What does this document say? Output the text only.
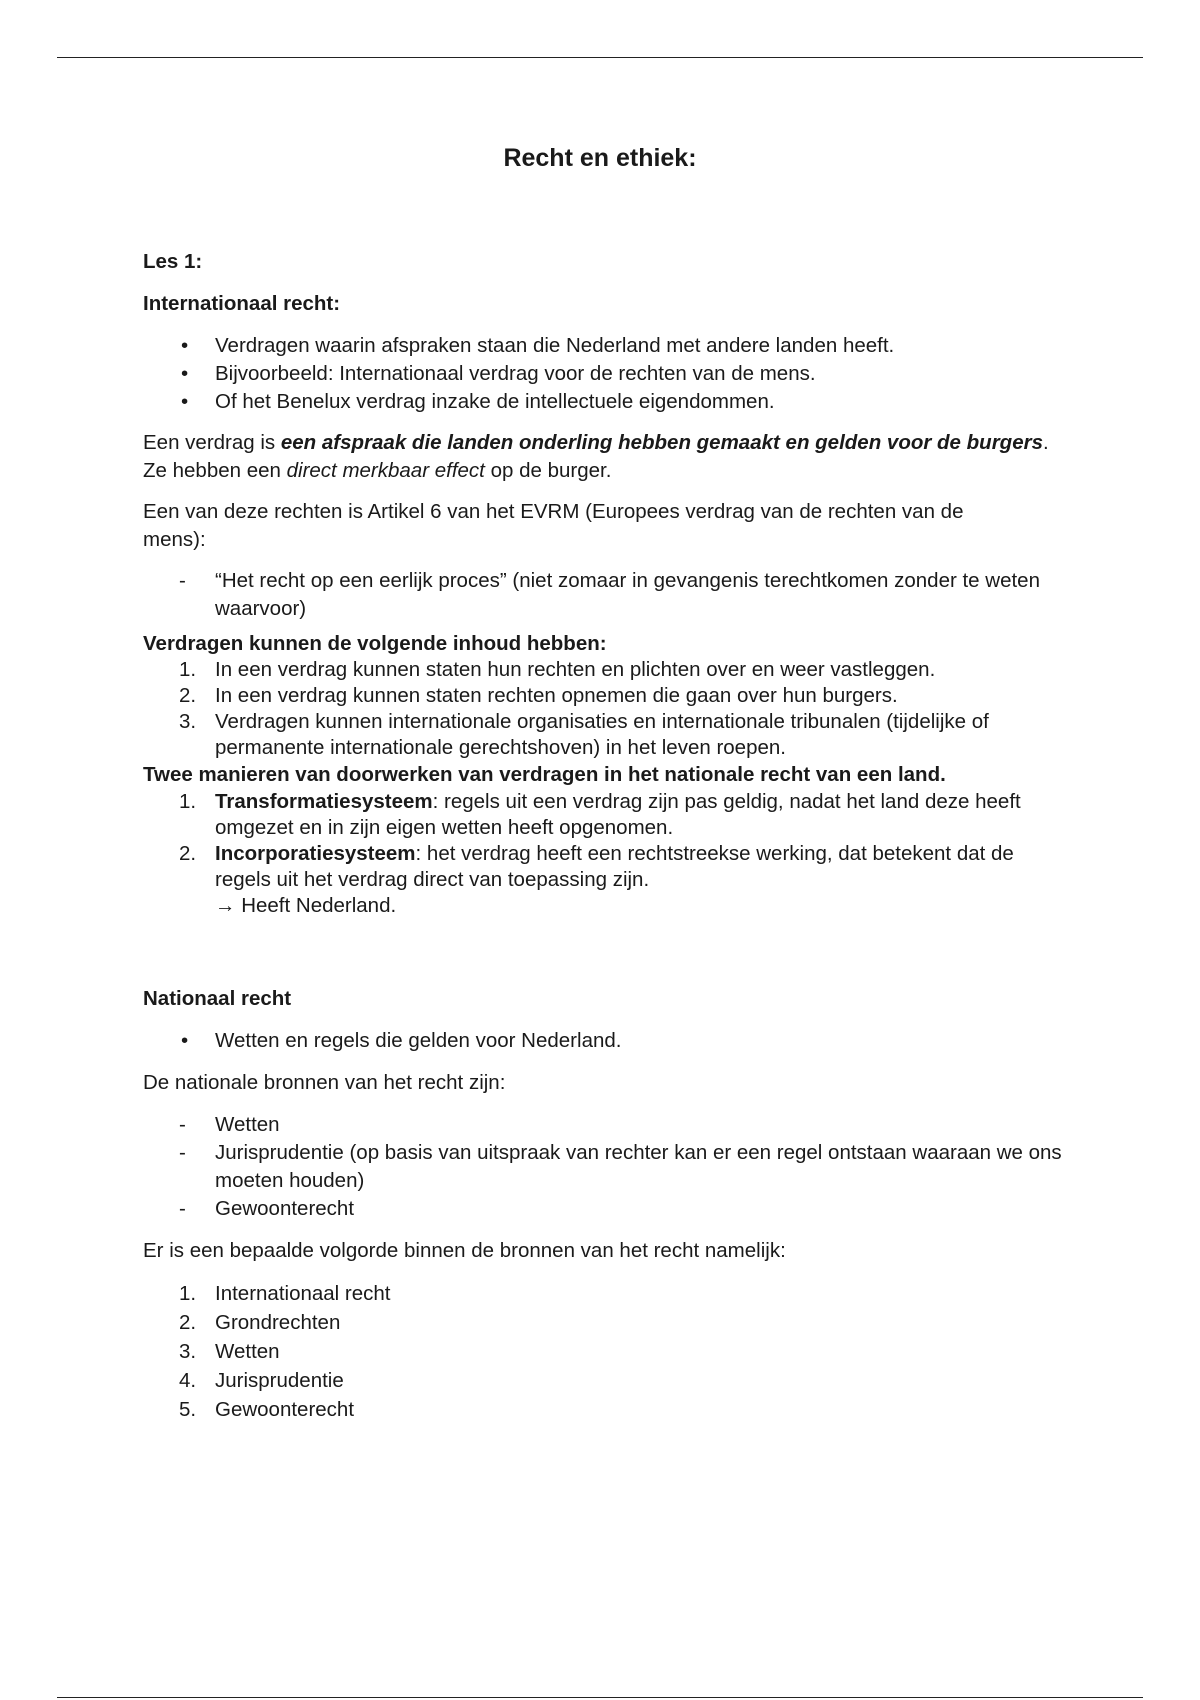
Recht en ethiek:

Les 1:

Internationaal recht:

• Verdragen waarin afspraken staan die Nederland met andere landen heeft.
• Bijvoorbeeld: Internationaal verdrag voor de rechten van de mens.
• Of het Benelux verdrag inzake de intellectuele eigendommen.

Een verdrag is een afspraak die landen onderling hebben gemaakt en gelden voor de burgers.
Ze hebben een direct merkbaar effect op de burger.

Een van deze rechten is Artikel 6 van het EVRM (Europees verdrag van de rechten van de mens):

- “Het recht op een eerlijk proces” (niet zomaar in gevangenis terechtkomen zonder te weten waarvoor)

Verdragen kunnen de volgende inhoud hebben:

1. In een verdrag kunnen staten hun rechten en plichten over en weer vastleggen.
2. In een verdrag kunnen staten rechten opnemen die gaan over hun burgers.
3. Verdragen kunnen internationale organisaties en internationale tribunalen (tijdelijke of permanente internationale gerechtshoven) in het leven roepen.

Twee manieren van doorwerken van verdragen in het nationale recht van een land.

1. Transformatiesysteem: regels uit een verdrag zijn pas geldig, nadat het land deze heeft omgezet en in zijn eigen wetten heeft opgenomen.
2. Incorporatiesysteem: het verdrag heeft een rechtstreekse werking, dat betekent dat de regels uit het verdrag direct van toepassing zijn.
→ Heeft Nederland.

Nationaal recht

• Wetten en regels die gelden voor Nederland.

De nationale bronnen van het recht zijn:

- Wetten
- Jurisprudentie (op basis van uitspraak van rechter kan er een regel ontstaan waaraan we ons moeten houden)
- Gewoonterecht

Er is een bepaalde volgorde binnen de bronnen van het recht namelijk:

1. Internationaal recht
2. Grondrechten
3. Wetten
4. Jurisprudentie
5. Gewoonterecht
